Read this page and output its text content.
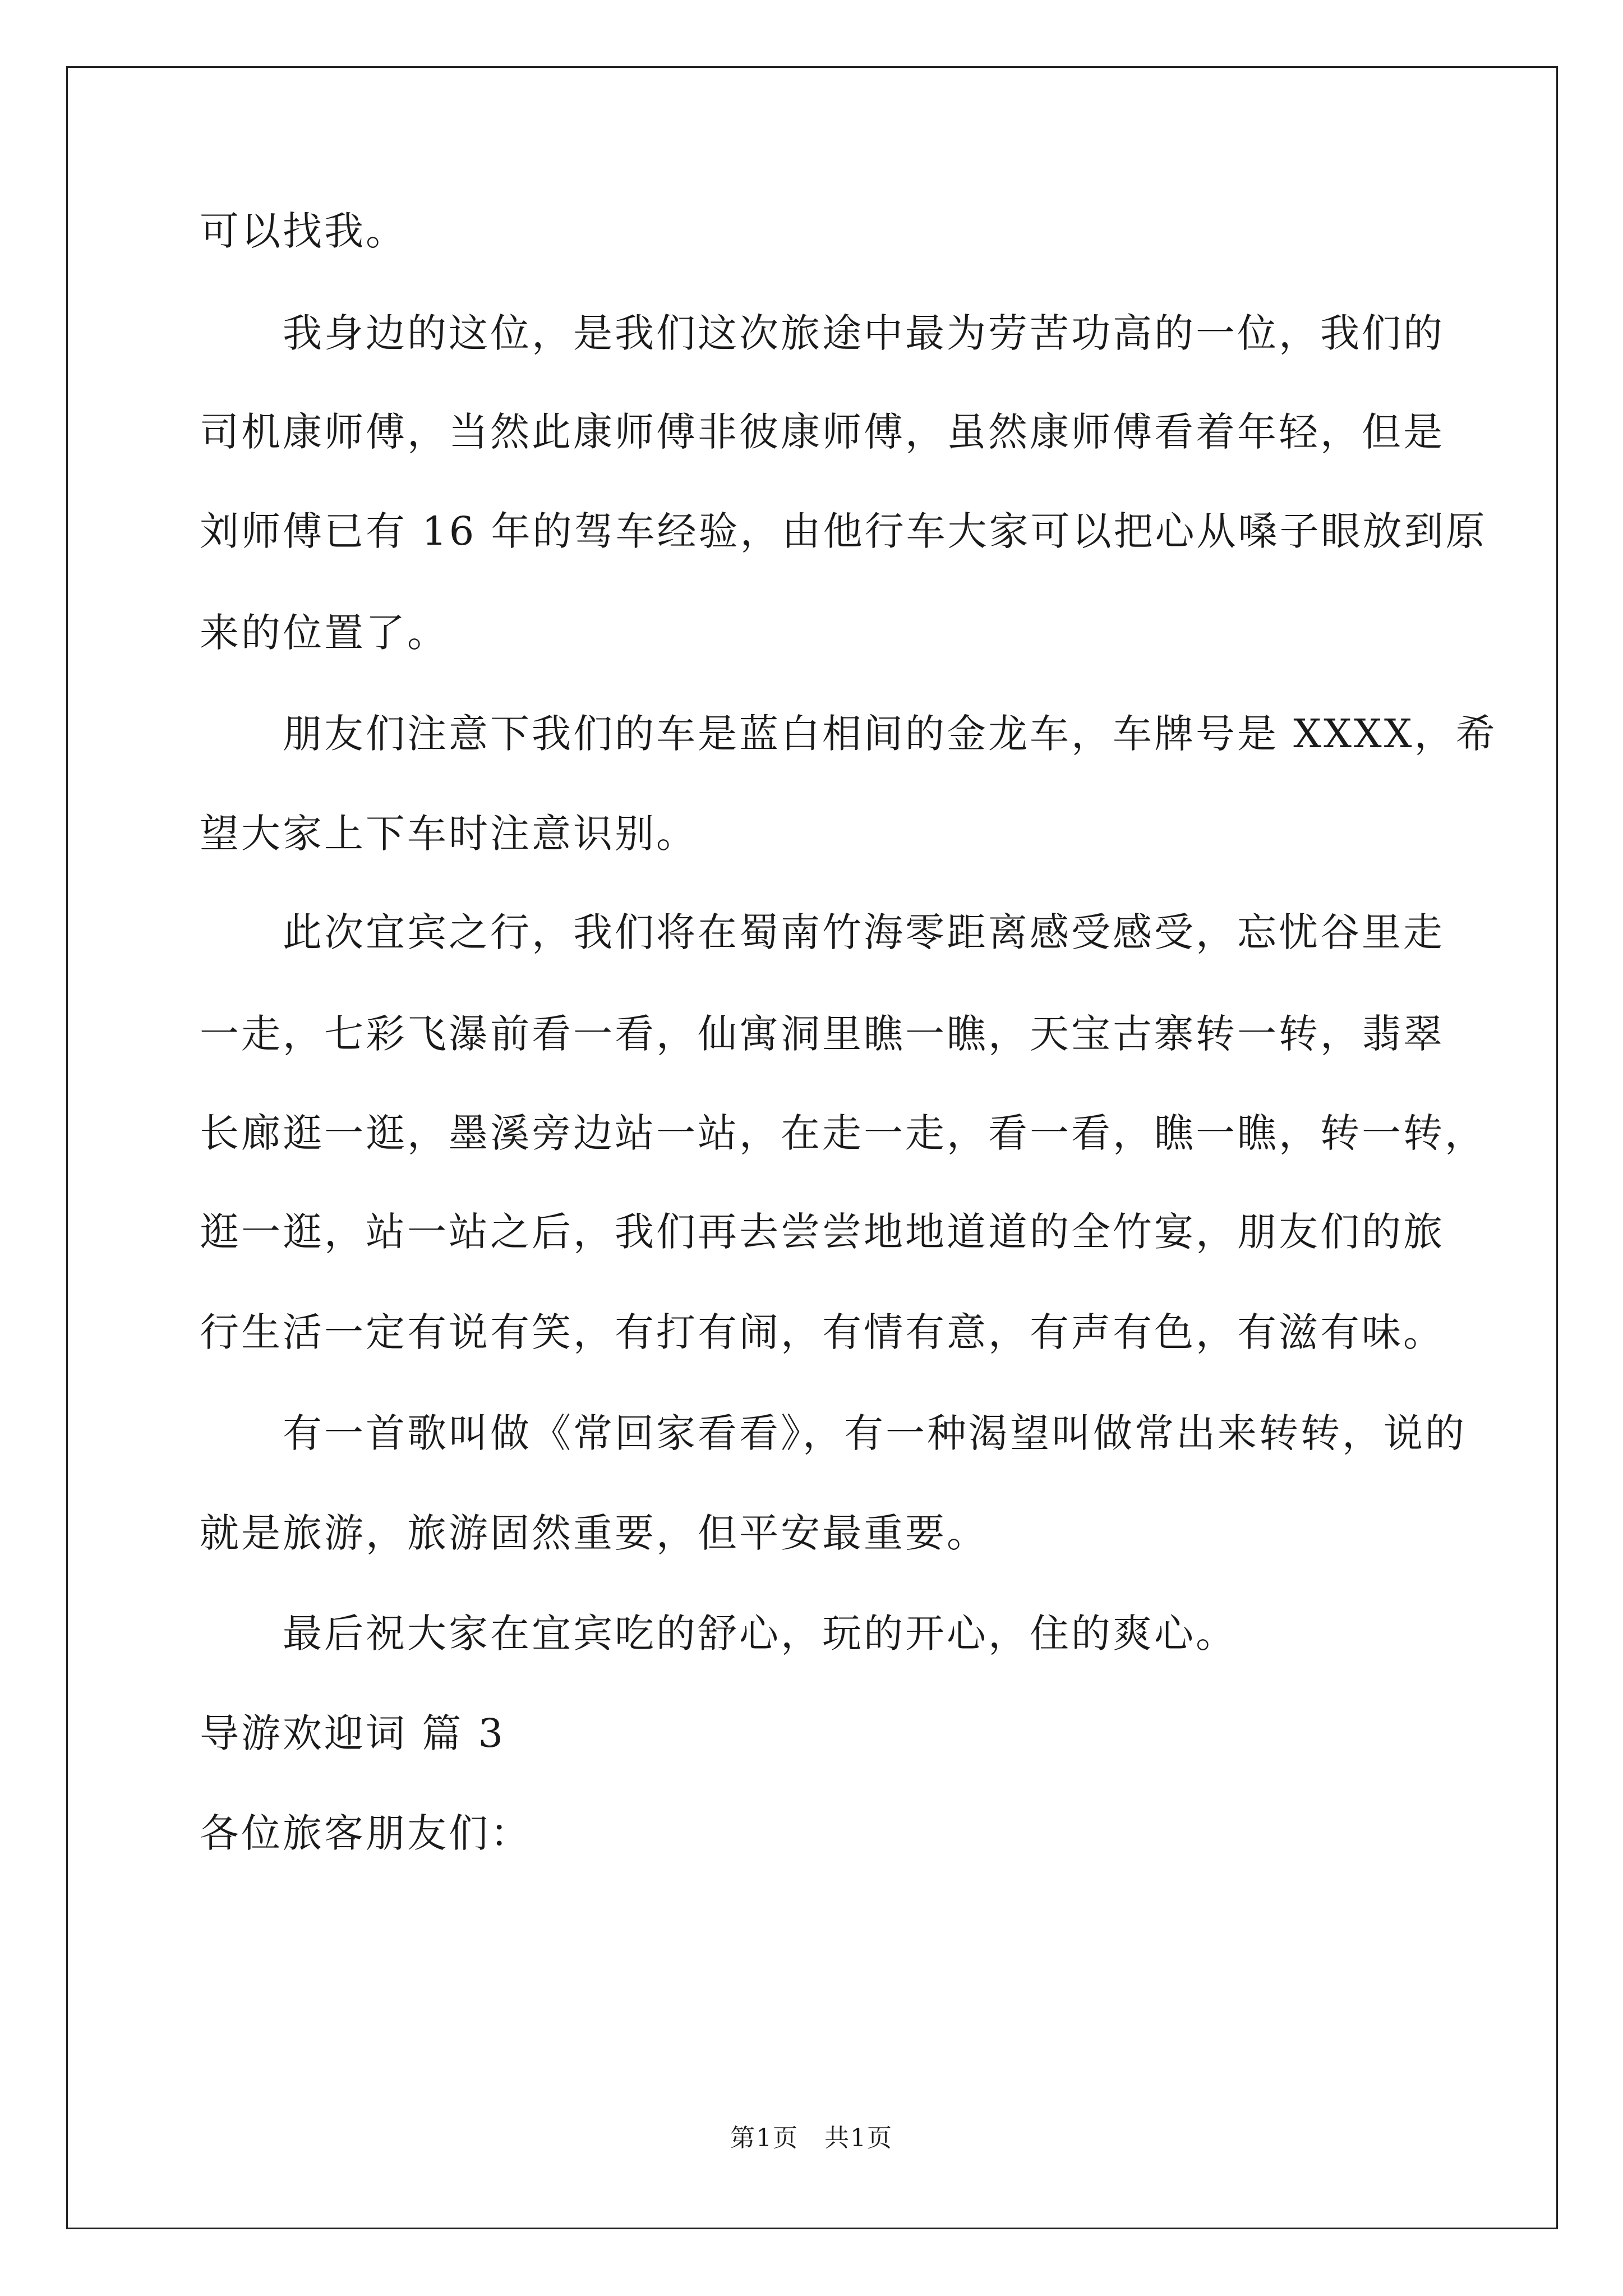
可以找我。
我身边的这位，是我们这次旅途中最为劳苦功高的一位，我们的
司机康师傅，当然此康师傅非彼康师傅，虽然康师傅看着年轻，但是
刘师傅已有 16 年的驾车经验，由他行车大家可以把心从嗓子眼放到原
来的位置了。
朋友们注意下我们的车是蓝白相间的金龙车，车牌号是 XXXX，希
望大家上下车时注意识别。
此次宜宾之行，我们将在蜀南竹海零距离感受感受，忘忧谷里走
一走，七彩飞瀑前看一看，仙寓洞里瞧一瞧，天宝古寨转一转，翡翠
长廊逛一逛，墨溪旁边站一站，在走一走，看一看，瞧一瞧，转一转，
逛一逛，站一站之后，我们再去尝尝地地道道的全竹宴，朋友们的旅
行生活一定有说有笑，有打有闹，有情有意，有声有色，有滋有味。
有一首歌叫做《常回家看看》，有一种渴望叫做常出来转转，说的
就是旅游，旅游固然重要，但平安最重要。
最后祝大家在宜宾吃的舒心，玩的开心，住的爽心。
导游欢迎词 篇 3
各位旅客朋友们：
第1页　共1页
